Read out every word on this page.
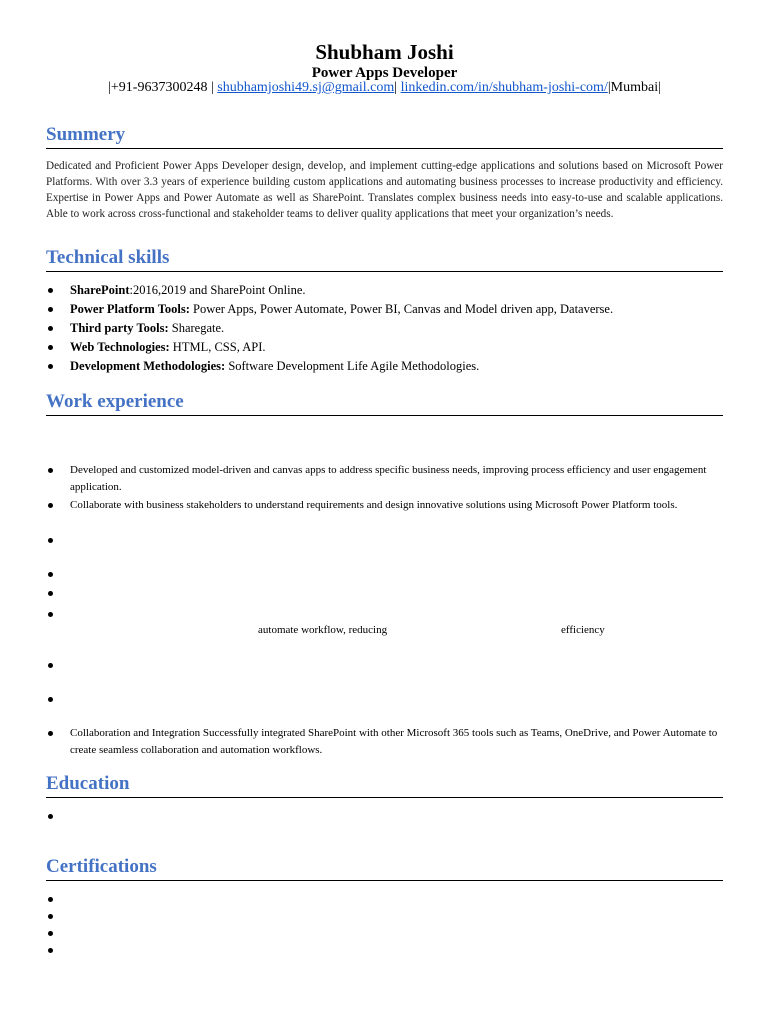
Shubham Joshi
Power Apps Developer
|+91-9637300248 | shubhamjoshi49.sj@gmail.com| linkedin.com/in/shubham-joshi-com/|Mumbai|
Summery
Dedicated and Proficient Power Apps Developer design, develop, and implement cutting-edge applications and solutions based on Microsoft Power Platforms. With over 3.3 years of experience building custom applications and automating business processes to increase productivity and efficiency. Expertise in Power Apps and Power Automate as well as SharePoint. Translates complex business needs into easy-to-use and scalable applications. Able to work across cross-functional and stakeholder teams to deliver quality applications that meet your organization’s needs.
Technical skills
SharePoint:2016,2019 and SharePoint Online.
Power Platform Tools: Power Apps, Power Automate, Power BI, Canvas and Model driven app, Dataverse.
Third party Tools: Sharegate.
Web Technologies: HTML, CSS, API.
Development Methodologies: Software Development Life Agile Methodologies.
Work experience
Developed and customized model-driven and canvas apps to address specific business needs, improving process efficiency and user engagement application.
Collaborate with business stakeholders to understand requirements and design innovative solutions using Microsoft Power Platform tools.

automate workflow, reducing	efficiency

Collaboration and Integration Successfully integrated SharePoint with other Microsoft 365 tools such as Teams, OneDrive, and Power Automate to create seamless collaboration and automation workflows.
Education

Certifications
